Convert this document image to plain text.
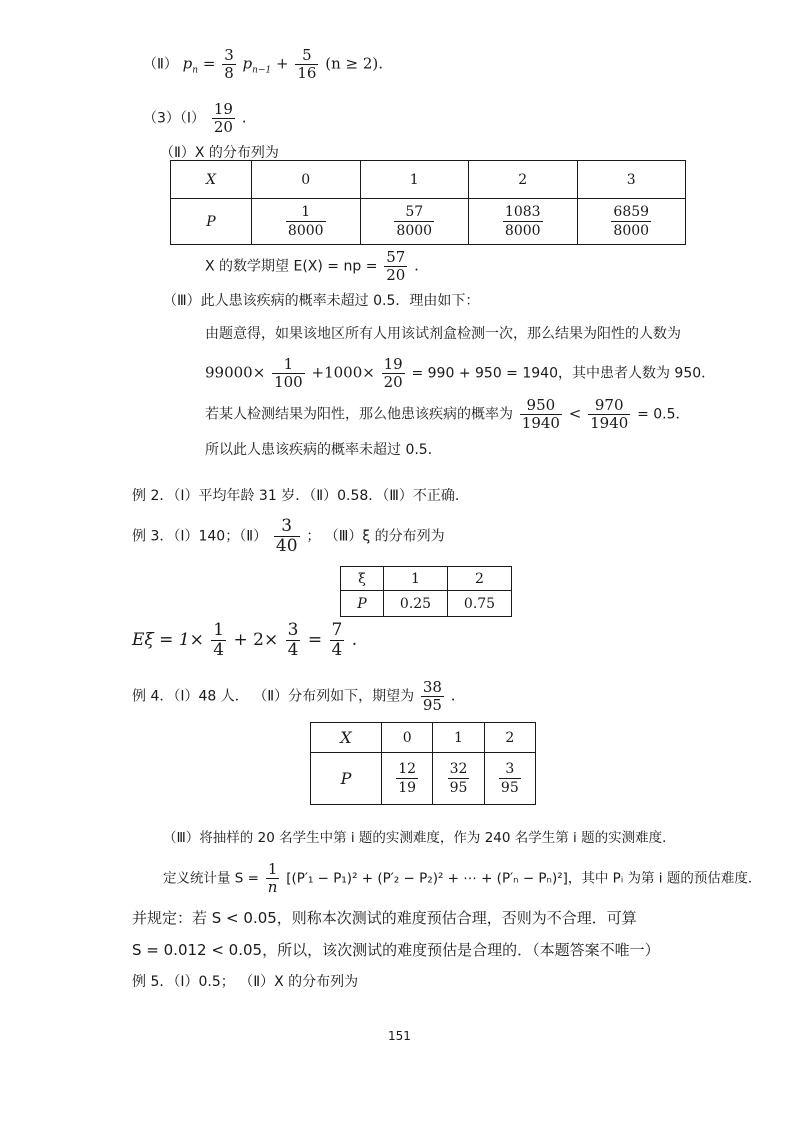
（Ⅱ） $p_n = \frac{3}{8} p_{n-1} + \frac{5}{16} (n \ge 2)$.
（3）（Ⅰ） $\frac{19}{20}$ .
（Ⅱ）X 的分布列为
X	0	1	2	3
P	$\frac{1}{8000}$	$\frac{57}{8000}$	$\frac{1083}{8000}$	$\frac{6859}{8000}$
X 的数学期望 E(X) = np = $\frac{57}{20}$ .
（Ⅲ）此人患该疾病的概率未超过 0.5．理由如下：
由题意得，如果该地区所有人用该试剂盒检测一次，那么结果为阳性的人数为
$99000\times \frac{1}{100} +1000\times \frac{19}{20} = 990 + 950 = 1940$，其中患者人数为 950．
若某人检测结果为阳性，那么他患该疾病的概率为 $\frac{950}{1940} < \frac{970}{1940} = 0.5$．
所以此人患该疾病的概率未超过 0.5．
例 2．（Ⅰ）平均年龄 31 岁．（Ⅱ）0.58．（Ⅲ）不正确.
例 3．（Ⅰ）140；（Ⅱ） $\frac{3}{40}$ ； （Ⅲ）ξ 的分布列为
ξ	1	2
P	0.25	0.75
$E\xi = 1\times \frac{1}{4} + 2\times \frac{3}{4} = \frac{7}{4}$ .
例 4．（Ⅰ）48 人． （Ⅱ）分布列如下，期望为 $\frac{38}{95}$ .
X	0	1	2
P	$\frac{12}{19}$	$\frac{32}{95}$	$\frac{3}{95}$
（Ⅲ）将抽样的 20 名学生中第 i 题的实测难度，作为 240 名学生第 i 题的实测难度．
定义统计量 $S = \frac{1}{n} [(P'_1 - P_1)^2 + (P'_2 - P_2)^2$ + ⋯ + (P′ₙ − Pₙ)²]，其中 Pᵢ 为第 i 题的预估难度．
并规定：若 S < 0.05，则称本次测试的难度预估合理，否则为不合理．可算
S = 0.012 < 0.05，所以，该次测试的难度预估是合理的．（本题答案不唯一）
例 5．（Ⅰ）0.5； （Ⅱ）X 的分布列为
151
